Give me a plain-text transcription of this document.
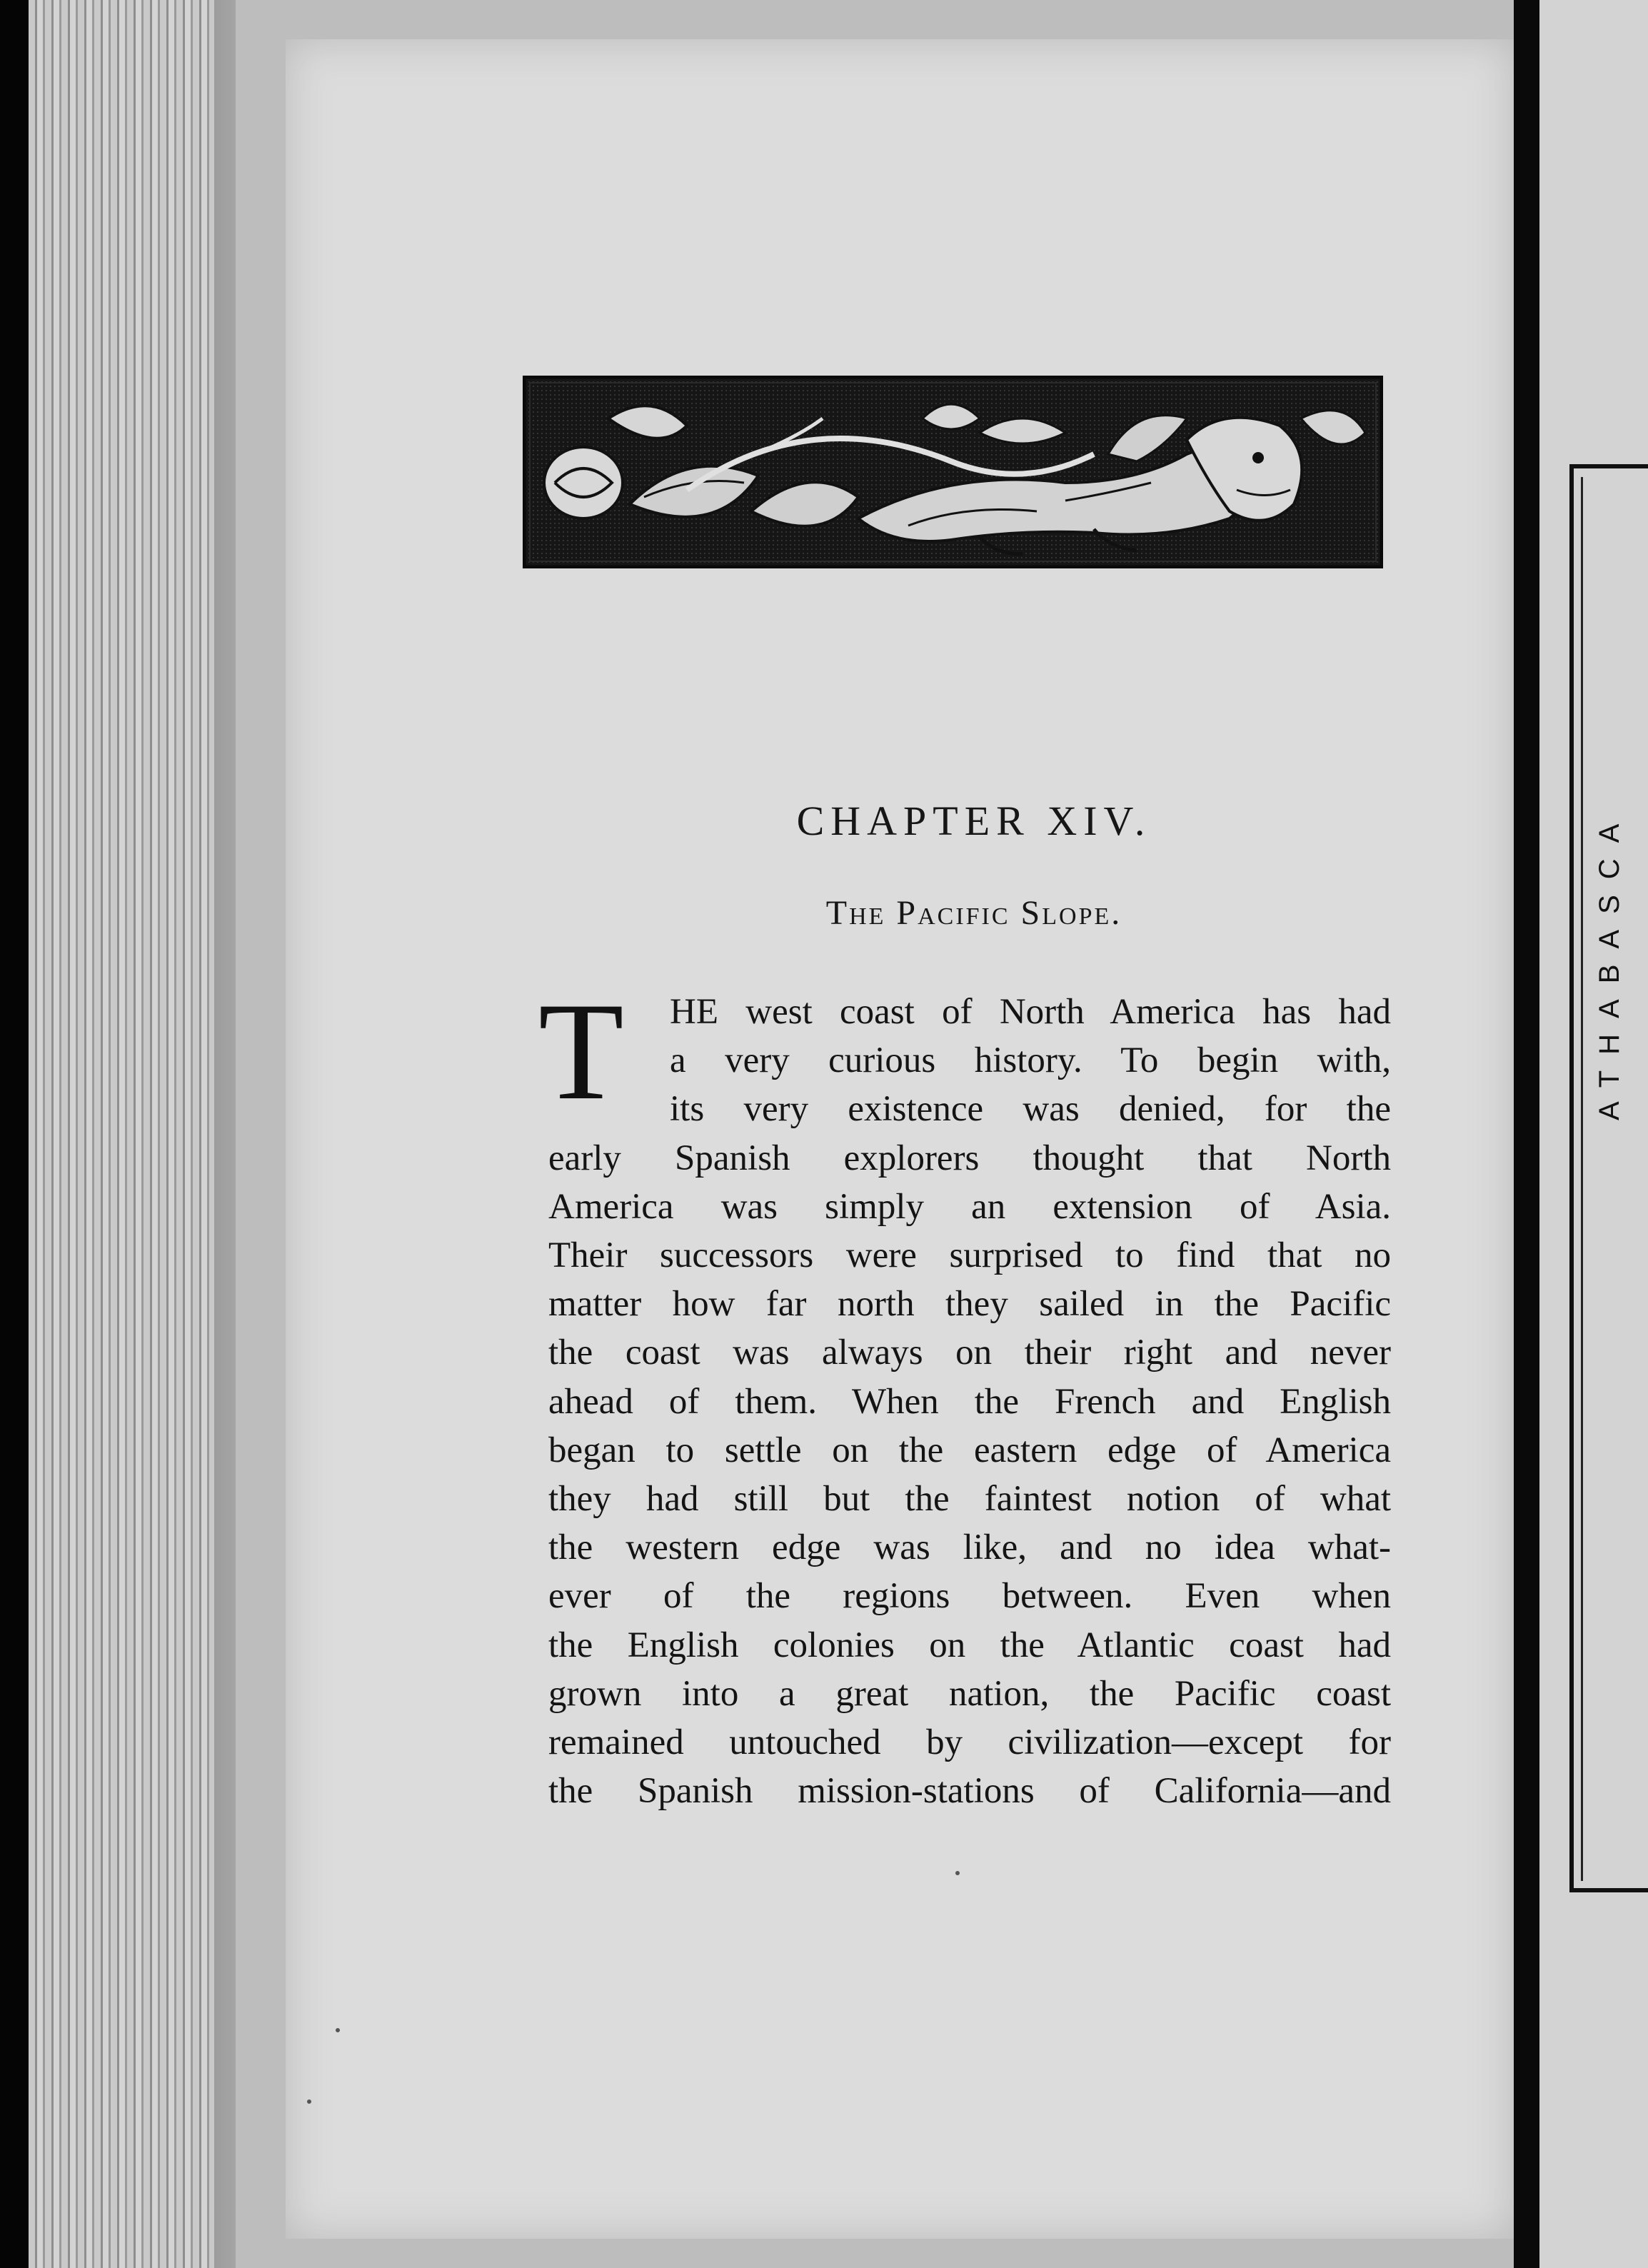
ATHABASCA
CHAPTER XIV.
The Pacific Slope.
T	HE west coast of North America has had
a very curious history. To begin with,
its very existence was denied, for the
early Spanish explorers thought that North
America was simply an extension of Asia.
Their successors were surprised to find that no
matter how far north they sailed in the Pacific
the coast was always on their right and never
ahead of them. When the French and English
began to settle on the eastern edge of America
they had still but the faintest notion of what
the western edge was like, and no idea what-
ever of the regions between. Even when
the English colonies on the Atlantic coast had
grown into a great nation, the Pacific coast
remained untouched by civilization—except for
the Spanish mission-stations of California—and
